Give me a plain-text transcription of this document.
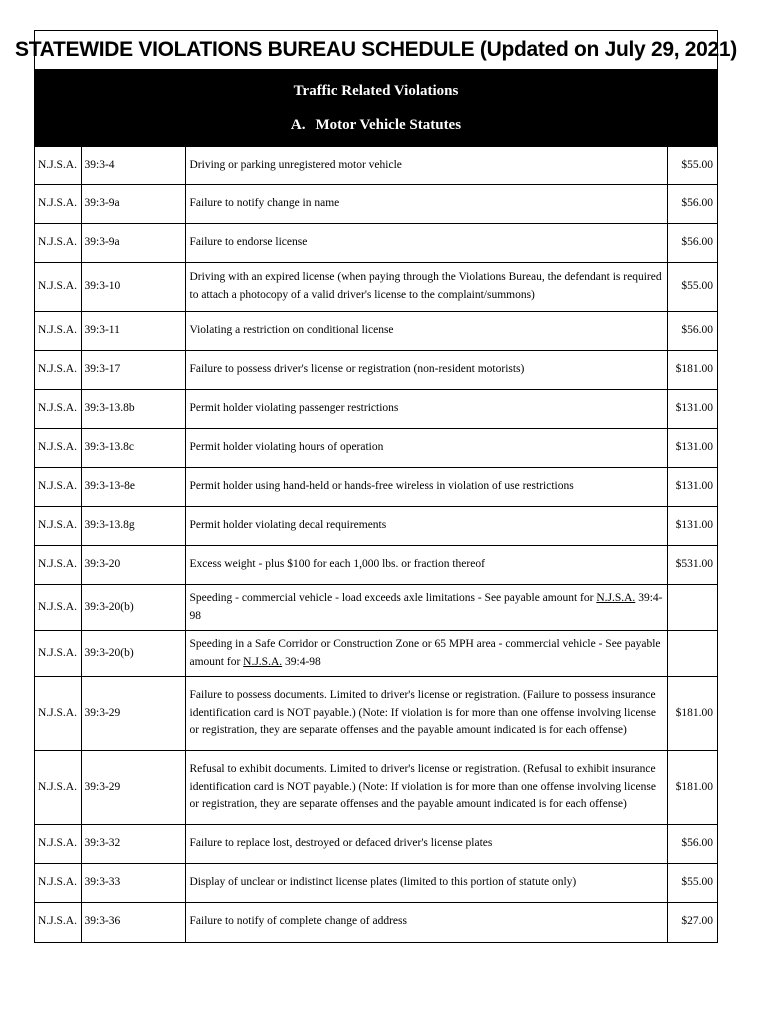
STATEWIDE VIOLATIONS BUREAU SCHEDULE (Updated on July 29, 2021)
Traffic Related Violations
A. Motor Vehicle Statutes
N.J.S.A.	39:3-4	Driving or parking unregistered motor vehicle	$55.00
N.J.S.A.	39:3-9a	Failure to notify change in name	$56.00
N.J.S.A.	39:3-9a	Failure to endorse license	$56.00
N.J.S.A.	39:3-10	Driving with an expired license (when paying through the Violations Bureau, the defendant is required to attach a photocopy of a valid driver's license to the complaint/summons)	$55.00
N.J.S.A.	39:3-11	Violating a restriction on conditional license	$56.00
N.J.S.A.	39:3-17	Failure to possess driver's license or registration (non-resident motorists)	$181.00
N.J.S.A.	39:3-13.8b	Permit holder violating passenger restrictions	$131.00
N.J.S.A.	39:3-13.8c	Permit holder violating hours of operation	$131.00
N.J.S.A.	39:3-13-8e	Permit holder using hand-held or hands-free wireless in violation of use restrictions	$131.00
N.J.S.A.	39:3-13.8g	Permit holder violating decal requirements	$131.00
N.J.S.A.	39:3-20	Excess weight - plus $100 for each 1,000 lbs. or fraction thereof	$531.00
N.J.S.A.	39:3-20(b)	Speeding - commercial vehicle - load exceeds axle limitations - See payable amount for N.J.S.A. 39:4-98	
N.J.S.A.	39:3-20(b)	Speeding in a Safe Corridor or Construction Zone or 65 MPH area - commercial vehicle - See payable amount for N.J.S.A. 39:4-98	
N.J.S.A.	39:3-29	Failure to possess documents. Limited to driver's license or registration. (Failure to possess insurance identification card is NOT payable.) (Note: If violation is for more than one offense involving license or registration, they are separate offenses and the payable amount indicated is for each offense)	$181.00
N.J.S.A.	39:3-29	Refusal to exhibit documents. Limited to driver's license or registration. (Refusal to exhibit insurance identification card is NOT payable.) (Note: If violation is for more than one offense involving license or registration, they are separate offenses and the payable amount indicated is for each offense)	$181.00
N.J.S.A.	39:3-32	Failure to replace lost, destroyed or defaced driver's license plates	$56.00
N.J.S.A.	39:3-33	Display of unclear or indistinct license plates (limited to this portion of statute only)	$55.00
N.J.S.A.	39:3-36	Failure to notify of complete change of address	$27.00
